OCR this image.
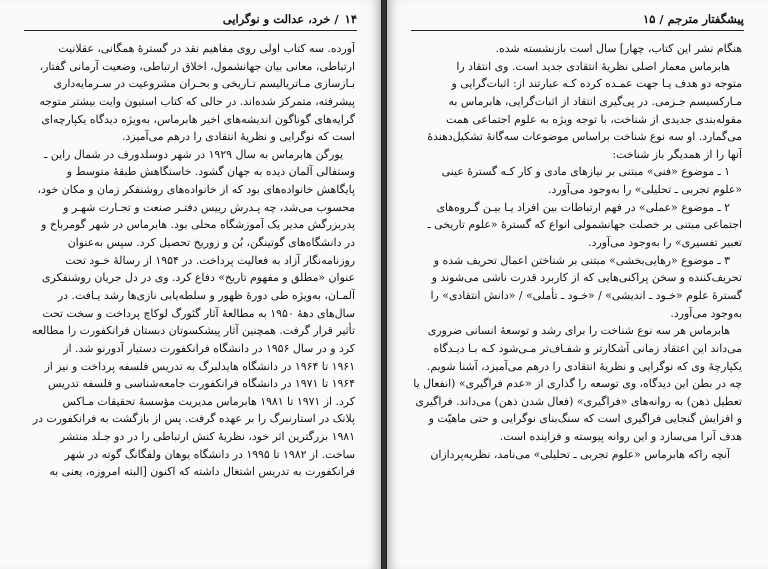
۱۴ / خرد، عدالت و نوگرایی
آورده. سه کتاب اولی روی مفاهیم نقد در گسترهٔ همگانی، عقلانیت
ارتباطی، معانی بیان جهانشمول، اخلاق ارتباطی، وضعیت آرمانی گفتار،
بـازسازی مـاتریالیسم تـاریخی و بحـران مشروعیت در سـرمایه‌داری
پیشرفته، متمرکز شده‌اند. در حالی که کتاب استیون وایت بیشتر متوجه
گرایه‌های گوناگون اندیشه‌های اخیر هابرماس، به‌ویژه دیدگاه یکپارچه‌ای
است که نوگرایی و نظریهٔ انتقادی را درهم می‌آمیزد.
یورگن هابرماس به سال ۱۹۲۹ در شهر دوسلدورف در شمال راین ـ
وستفالی آلمان دیده به جهان گشود. خاستگاهش طبقهٔ متوسط و
پایگاهش خانواده‌های بود که از خانواده‌های روشنفکر زمان و مکان خود،
محسوب می‌شد، چه پـدرش رییس دفتـر صنعت و تجـارت شهـر و
پدربزرگش مدیر یک آموزشگاه محلی بود. هابرماس در شهر گومرباخ و
در دانشگاه‌های گوتینگن، بُن و زوریخ تحصیل کرد. سپس به‌عنوان
روزنامه‌نگار آزاد به فعالیت پرداخت. در ۱۹۵۴ از رسالهٔ خـود تحت
عنوان «مطلق و مفهوم تاریخ» دفاع کرد. وی در دل جریان روشنفکری
آلمـان، به‌ویژه طی دورهٔ ظهور و سلطه‌یابی نازی‌ها رشد یـافت. در
سال‌های دههٔ ۱۹۵۰ به مطالعهٔ آثار گئورگ لوکاچ پرداخت و سخت تحت
تأثیر قرار گرفت. همچنین آثار پیشکسوتان دبستان فرانکفورت را مطالعه
کرد و در سال ۱۹۵۶ در دانشگاه فرانکفورت دستیار آدورنو شد. از
۱۹۶۱ تا ۱۹۶۴ در دانشگاه هایدلبرگ به تدریس فلسفه پرداخت و نیز از
۱۹۶۴ تا ۱۹۷۱ در دانشگاه فرانکفورت جامعه‌شناسی و فلسفه تدریس
کرد. از ۱۹۷۱ تا ۱۹۸۱ هابرماس مدیریت مؤسسهٔ تحقیقات مـاکس
پلانک در استارنبرگ را بر عهده گرفت. پس از بازگشت به فرانکفورت در
۱۹۸۱ بزرگترین اثر خود، نظریهٔ کنش ارتباطی را در دو جـلد منتشر
ساخت. از ۱۹۸۲ تا ۱۹۹۵ در دانشگاه یوهان ولفگانگ گوته در شهر
فرانکفورت به تدریس اشتغال داشته که اکنون [البته امروزه، یعنی به
پیشگفتار مترجم / ۱۵
هنگام نشر این کتاب، چهار] سال است بازنشسته شده.
هابرماس معمار اصلی نظریهٔ انتقادی جدید است. وی انتقاد را
متوجه دو هدف یـا جهت عمـده کرده کـه عبارتند از: اثبات‌گرایی و
مـارکسیسم جـزمی. در پی‌گیری انتقاد از اثبات‌گرایی، هابرماس به
مقوله‌بندی جدیدی از شناخت، با توجه ویژه به علوم اجتماعی همت
می‌گمارد. او سه نوع شناخت براساس موضوعات سه‌گانهٔ تشکیل‌دهندهٔ
آنها را از همدیگر باز شناخت:
۱ ـ موضوع «فنی» مبتنی بر نیازهای مادی و کار کـه گسترهٔ عینی
«علوم تجربی ـ تحلیلی» را به‌وجود می‌آورد.
۲ ـ موضوع «عملی» در فهم ارتباطات بین افراد یـا بیـن گـروه‌های
اجتماعی مبتنی بر خصلت جهانشمولی انواع که گسترهٔ «علوم تاریخی ـ
تعبیر تفسیری» را به‌وجود می‌آورد.
۳ ـ موضوع «رهایی‌بخشی» مبتنی بر شناختن اعمال تحریف شده و
تحریف‌کننده و سخن پراکنی‌هایی که از کاربرد قدرت ناشی می‌شوند و
گسترهٔ علوم «خـود ـ اندیشی» / «خـود ـ تأملی» / «دانش انتقادی» را
به‌وجود می‌آورد.
هابرماس هر سه نوع شناخت را برای رشد و توسعهٔ انسانی ضروری
می‌داند این اعتقاد زمانی آشکارتر و شفـاف‌تر مـی‌شود کـه بـا دیـدگاه
یکپارچهٔ وی که نوگرایی و نظریهٔ انتقادی را درهم می‌آمیزد، آشنا شویم.
چه در بطن این دیدگاه، وی توسعه را گذاری از «عدم فراگیری» (انفعال یا
تعطیل ذهن) به روانه‌های «فراگیری» (فعال شدن ذهن) می‌داند. فراگیری
و افزایش گنجایی فراگیری است که سنگ‌بنای نوگرایی و حتی ماهیّت و
هدف آنرا می‌سازد و این روانه پیوسته و فزاینده است.
آنچه راکه هابرماس «علوم تجربی ـ تحلیلی» می‌نامد، نظریه‌پردازان
